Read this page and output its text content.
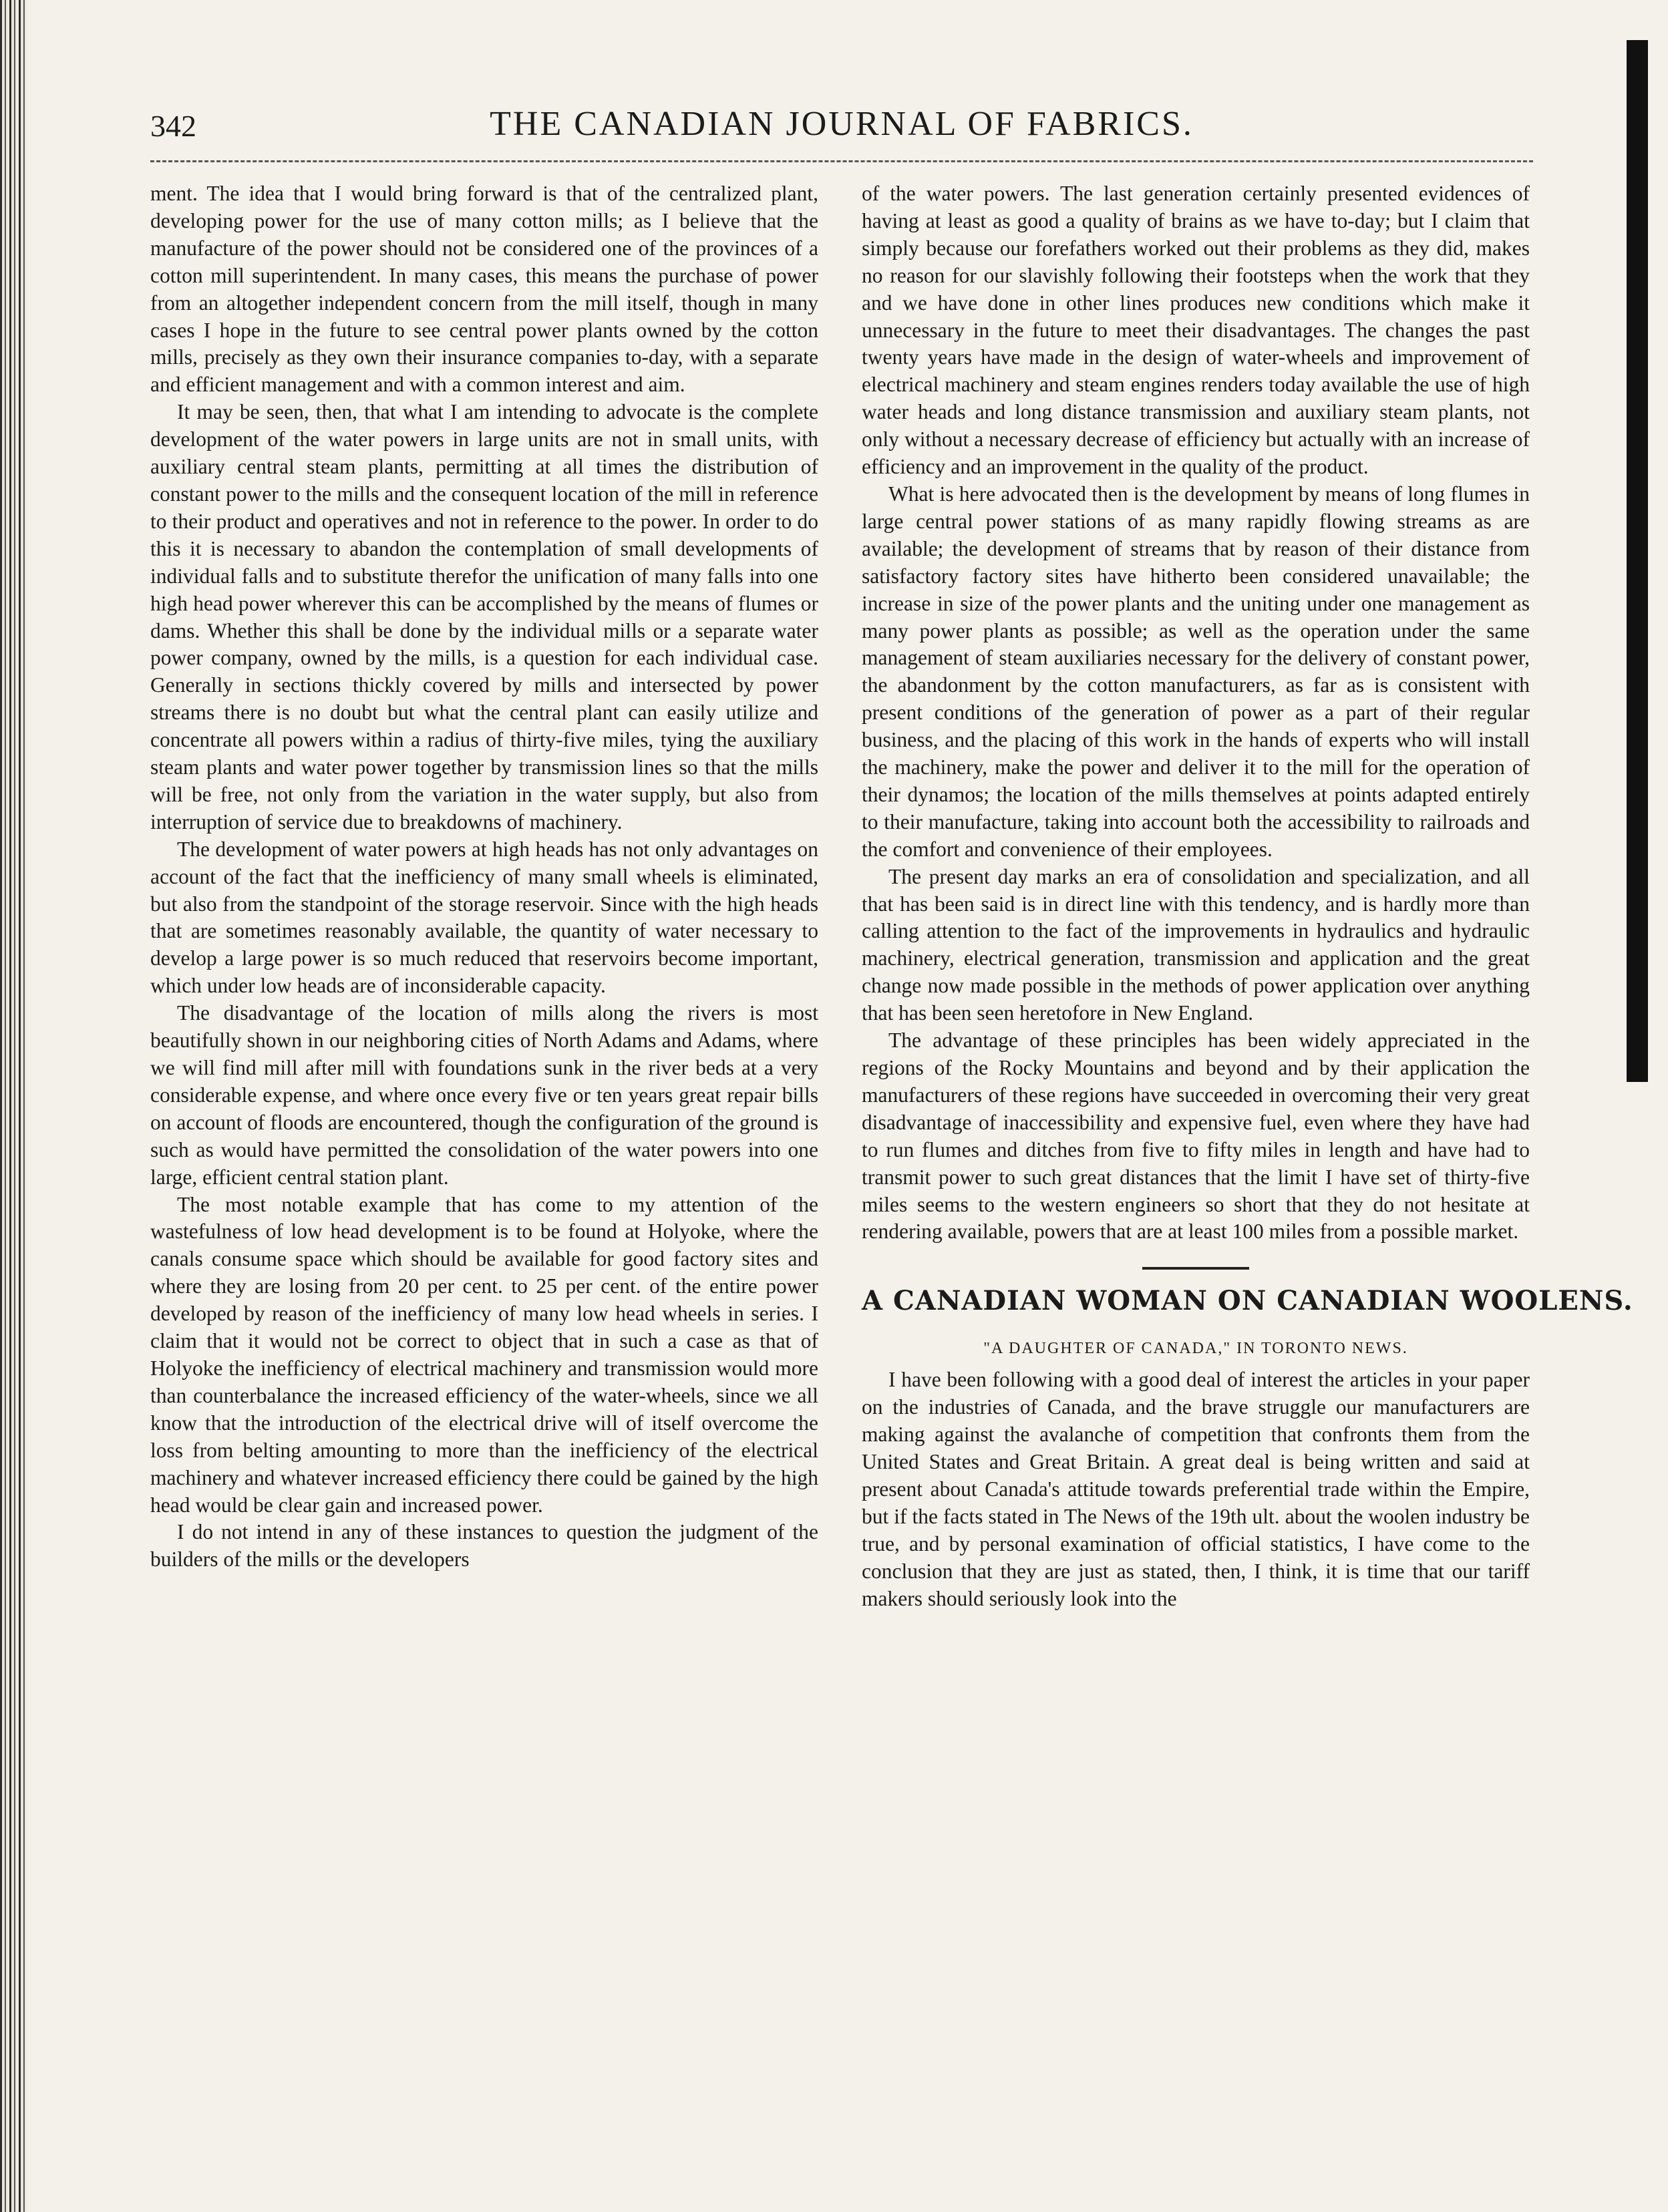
342	THE CANADIAN JOURNAL OF FABRICS.

ment. The idea that I would bring forward is that of the centralized plant, developing power for the use of many cotton mills; as I believe that the manufacture of the power should not be considered one of the provinces of a cotton mill superintendent. In many cases, this means the purchase of power from an altogether independent concern from the mill itself, though in many cases I hope in the future to see central power plants owned by the cotton mills, precisely as they own their insurance companies to-day, with a separate and efficient management and with a common interest and aim.

It may be seen, then, that what I am intending to advocate is the complete development of the water powers in large units are not in small units, with auxiliary central steam plants, permitting at all times the distribution of constant power to the mills and the consequent location of the mill in reference to their product and operatives and not in reference to the power. In order to do this it is necessary to abandon the contemplation of small developments of individual falls and to substitute therefor the unification of many falls into one high head power wherever this can be accomplished by the means of flumes or dams. Whether this shall be done by the individual mills or a separate water power company, owned by the mills, is a question for each individual case. Generally in sections thickly covered by mills and intersected by power streams there is no doubt but what the central plant can easily utilize and concentrate all powers within a radius of thirty-five miles, tying the auxiliary steam plants and water power together by transmission lines so that the mills will be free, not only from the variation in the water supply, but also from interruption of service due to breakdowns of machinery.

The development of water powers at high heads has not only advantages on account of the fact that the inefficiency of many small wheels is eliminated, but also from the standpoint of the storage reservoir. Since with the high heads that are sometimes reasonably available, the quantity of water necessary to develop a large power is so much reduced that reservoirs become important, which under low heads are of inconsiderable capacity.

The disadvantage of the location of mills along the rivers is most beautifully shown in our neighboring cities of North Adams and Adams, where we will find mill after mill with foundations sunk in the river beds at a very considerable expense, and where once every five or ten years great repair bills on account of floods are encountered, though the configuration of the ground is such as would have permitted the consolidation of the water powers into one large, efficient central station plant.

The most notable example that has come to my attention of the wastefulness of low head development is to be found at Holyoke, where the canals consume space which should be available for good factory sites and where they are losing from 20 per cent. to 25 per cent. of the entire power developed by reason of the inefficiency of many low head wheels in series. I claim that it would not be correct to object that in such a case as that of Holyoke the inefficiency of electrical machinery and transmission would more than counterbalance the increased efficiency of the water-wheels, since we all know that the introduction of the electrical drive will of itself overcome the loss from belting amounting to more than the inefficiency of the electrical machinery and whatever increased efficiency there could be gained by the high head would be clear gain and increased power.

I do not intend in any of these instances to question the judgment of the builders of the mills or the developers

of the water powers. The last generation certainly presented evidences of having at least as good a quality of brains as we have to-day; but I claim that simply because our forefathers worked out their problems as they did, makes no reason for our slavishly following their footsteps when the work that they and we have done in other lines produces new conditions which make it unnecessary in the future to meet their disadvantages. The changes the past twenty years have made in the design of water-wheels and improvement of electrical machinery and steam engines renders today available the use of high water heads and long distance transmission and auxiliary steam plants, not only without a necessary decrease of efficiency but actually with an increase of efficiency and an improvement in the quality of the product.

What is here advocated then is the development by means of long flumes in large central power stations of as many rapidly flowing streams as are available; the development of streams that by reason of their distance from satisfactory factory sites have hitherto been considered unavailable; the increase in size of the power plants and the uniting under one management as many power plants as possible; as well as the operation under the same management of steam auxiliaries necessary for the delivery of constant power, the abandonment by the cotton manufacturers, as far as is consistent with present conditions of the generation of power as a part of their regular business, and the placing of this work in the hands of experts who will install the machinery, make the power and deliver it to the mill for the operation of their dynamos; the location of the mills themselves at points adapted entirely to their manufacture, taking into account both the accessibility to railroads and the comfort and convenience of their employees.

The present day marks an era of consolidation and specialization, and all that has been said is in direct line with this tendency, and is hardly more than calling attention to the fact of the improvements in hydraulics and hydraulic machinery, electrical generation, transmission and application and the great change now made possible in the methods of power application over anything that has been seen heretofore in New England.

The advantage of these principles has been widely appreciated in the regions of the Rocky Mountains and beyond and by their application the manufacturers of these regions have succeeded in overcoming their very great disadvantage of inaccessibility and expensive fuel, even where they have had to run flumes and ditches from five to fifty miles in length and have had to transmit power to such great distances that the limit I have set of thirty-five miles seems to the western engineers so short that they do not hesitate at rendering available, powers that are at least 100 miles from a possible market.

A CANADIAN WOMAN ON CANADIAN WOOLENS.
"A DAUGHTER OF CANADA," IN TORONTO NEWS.

I have been following with a good deal of interest the articles in your paper on the industries of Canada, and the brave struggle our manufacturers are making against the avalanche of competition that confronts them from the United States and Great Britain. A great deal is being written and said at present about Canada's attitude towards preferential trade within the Empire, but if the facts stated in The News of the 19th ult. about the woolen industry be true, and by personal examination of official statistics, I have come to the conclusion that they are just as stated, then, I think, it is time that our tariff makers should seriously look into the
